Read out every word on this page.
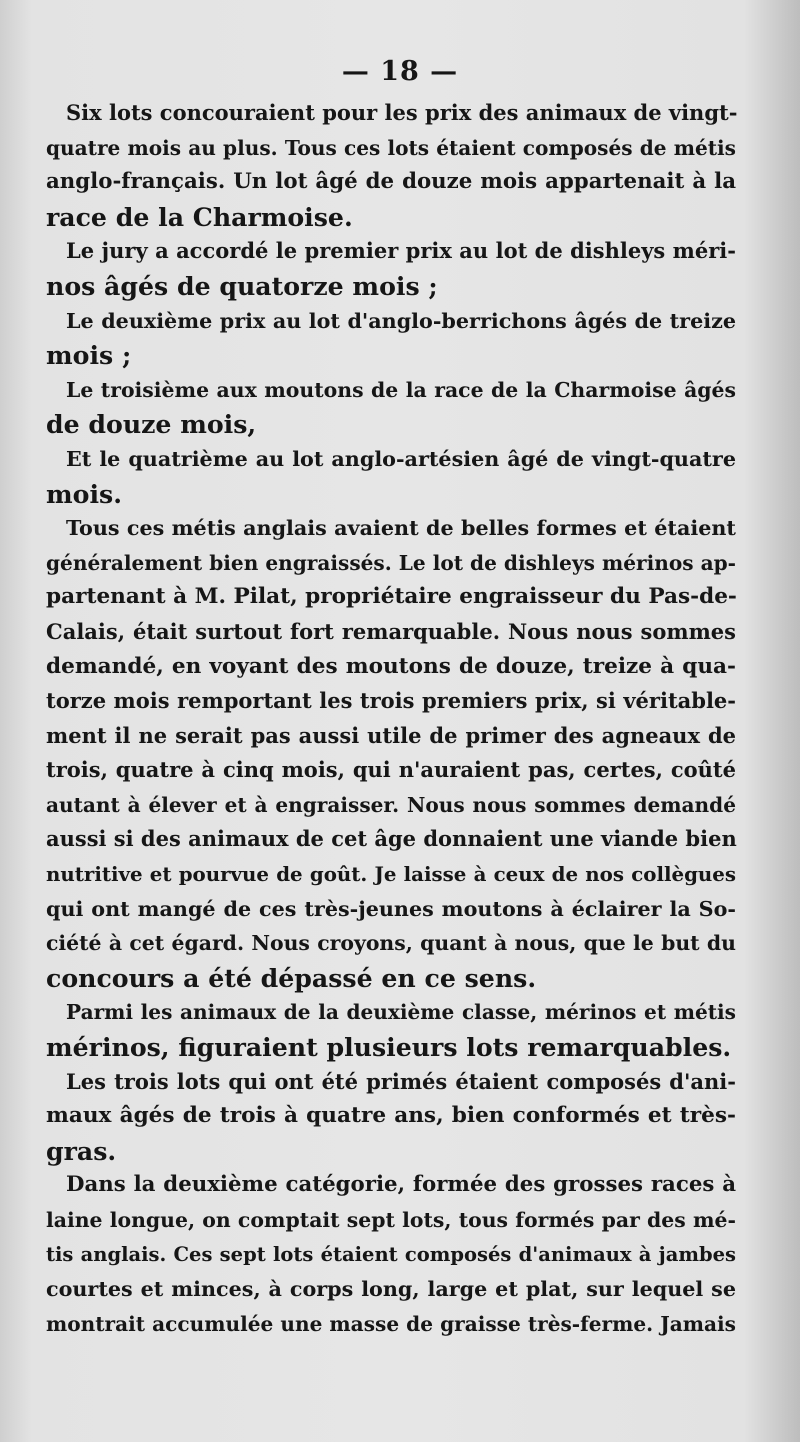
— 18 —
Six lots concouraient pour les prix des animaux de vingt-
quatre mois au plus. Tous ces lots étaient composés de métis
anglo-français. Un lot âgé de douze mois appartenait à la
race de la Charmoise.
Le jury a accordé le premier prix au lot de dishleys méri-
nos âgés de quatorze mois ;
Le deuxième prix au lot d'anglo-berrichons âgés de treize
mois ;
Le troisième aux moutons de la race de la Charmoise âgés
de douze mois,
Et le quatrième au lot anglo-artésien âgé de vingt-quatre
mois.
Tous ces métis anglais avaient de belles formes et étaient
généralement bien engraissés. Le lot de dishleys mérinos ap-
partenant à M. Pilat, propriétaire engraisseur du Pas-de-
Calais, était surtout fort remarquable. Nous nous sommes
demandé, en voyant des moutons de douze, treize à qua-
torze mois remportant les trois premiers prix, si véritable-
ment il ne serait pas aussi utile de primer des agneaux de
trois, quatre à cinq mois, qui n'auraient pas, certes, coûté
autant à élever et à engraisser. Nous nous sommes demandé
aussi si des animaux de cet âge donnaient une viande bien
nutritive et pourvue de goût. Je laisse à ceux de nos collègues
qui ont mangé de ces très-jeunes moutons à éclairer la So-
ciété à cet égard. Nous croyons, quant à nous, que le but du
concours a été dépassé en ce sens.
Parmi les animaux de la deuxième classe, mérinos et métis
mérinos, figuraient plusieurs lots remarquables.
Les trois lots qui ont été primés étaient composés d'ani-
maux âgés de trois à quatre ans, bien conformés et très-
gras.
Dans la deuxième catégorie, formée des grosses races à
laine longue, on comptait sept lots, tous formés par des mé-
tis anglais. Ces sept lots étaient composés d'animaux à jambes
courtes et minces, à corps long, large et plat, sur lequel se
montrait accumulée une masse de graisse très-ferme. Jamais
